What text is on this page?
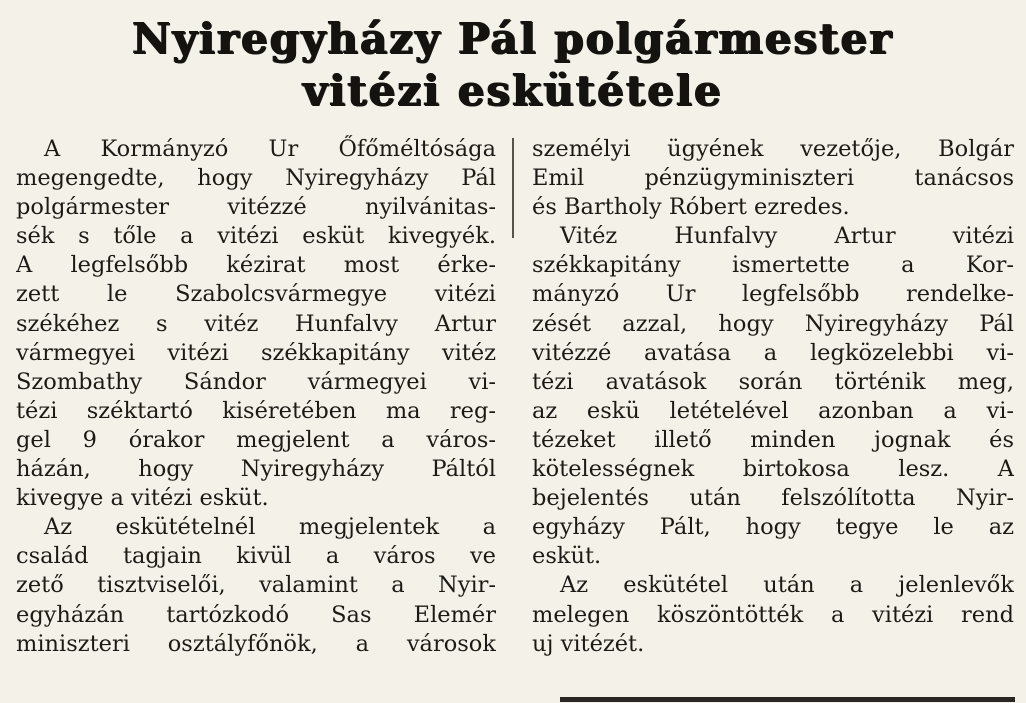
Nyiregyházy Pál polgármester
vitézi eskütétele
A Kormányzó Ur Őfőméltósága
megengedte, hogy Nyiregyházy Pál
polgármester vitézzé nyilvánitas-
sék s tőle a vitézi esküt kivegyék.
A legfelsőbb kézirat most érke-
zett le Szabolcsvármegye vitézi
székéhez s vitéz Hunfalvy Artur
vármegyei vitézi székkapitány vitéz
Szombathy Sándor vármegyei vi-
tézi széktartó kiséretében ma reg-
gel 9 órakor megjelent a város-
házán, hogy Nyiregyházy Páltól
kivegye a vitézi esküt.
Az eskütételnél megjelentek a
család tagjain kivül a város ve
zető tisztviselői, valamint a Nyir-
egyházán tartózkodó Sas Elemér
miniszteri osztályfőnök, a városok
személyi ügyének vezetője, Bolgár
Emil pénzügyminiszteri tanácsos
és Bartholy Róbert ezredes.
Vitéz Hunfalvy Artur vitézi
székkapitány ismertette a Kor-
mányzó Ur legfelsőbb rendelke-
zését azzal, hogy Nyiregyházy Pál
vitézzé avatása a legközelebbi vi-
tézi avatások során történik meg,
az eskü letételével azonban a vi-
tézeket illető minden jognak és
kötelességnek birtokosa lesz. A
bejelentés után felszólította Nyir-
egyházy Pált, hogy tegye le az
esküt.
Az eskütétel után a jelenlevők
melegen köszöntötték a vitézi rend
uj vitézét.
